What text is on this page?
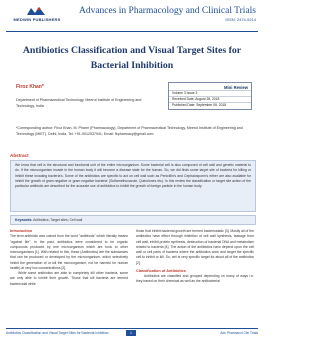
MEDWIN PUBLISHERS
Advances in Pharmacology and Clinical Trials
ISSN: 2474-9214
Antibiotics Classification and Visual Target Sites for Bacterial Inhibition
Firoz Khan*
Department of Pharmaceutical Technology, Meerut Institute of Engineering and Technology, India
Mini Review
Volume 3 Issue 3
Received Date: August 28, 2018
Published Date: September 06, 2018
*Corresponding author: Firoz Khan, M. Pharm (Pharmacology), Department of Pharmaceutical Technology, Meerut Institute of Engineering and Technology (MIET), Delhi, India, Tel: +91-9012537941; Email: fkpharmacy@gmail.com
Abstract
We know that cell is the structural and functional unit of the entire microorganism. Some bacterial cell is also composed of cell wall and genetic material to do. If the microorganism invade in the human body it will become a disease state for the human. So, we did finds some target site of bacteria for killing or inhibit these invading bacteria's. Some of the antibiotics are specific to act on cell wall such as Penicillin's and Cephalosporin's either are also available for inhibit the growth of gram negative or gram negative bacteria' (Sulfamethoxazole, Quinolones etc). In this review the classification or target site action of the particular antibiotic are described for the accurate use of antibiotics to inhibit the growth of foreign particle in the human body.
Keywords: Antibiotics; Target sites; Cell wall
Introduction

The term antibiotic was coined from the word "antibiosis" which literally means "against life". In the past, antibiotics were considered to be organic compounds produced by one microorganism which are toxic to other microorganisms [1]. With related to this, these (Antibiotics) are the substances that can be produced or developed by the microorganism, which selectively inhibit the generation of or kill the microorganism, not be harmful for human health) at very low concentrations [2].

While some antibiotics are able to completely kill other bacteria, some are only able to inhibit their growth. Those that kill bacteria are termed bactericidal while

those that inhibit bacterial growth are termed bacteriostatic [3]. Mostly all of the antibiotics have effect through inhibition of cell wall synthesis, leakage from cell wall, inhibit protein synthesis, destruction of bacterial DNA and metabolism related to bacteria [4]. The action of the antibiotics have depend upon the cell wall or cell parts of bacteria where the antibiotics work and target the specific cell to inhibit or kill. So, cell is very specific target for about all of the antibiotics [2].

Classification of Antibiotics

Antibiotics are classified and grouped depending on many of ways i.e. they based on their chemical as well as the antibacterial

Antibiotics Classification and Visual Target Sites for Bacterial Inhibition	1	Adv Pharmacol Clin Trials
